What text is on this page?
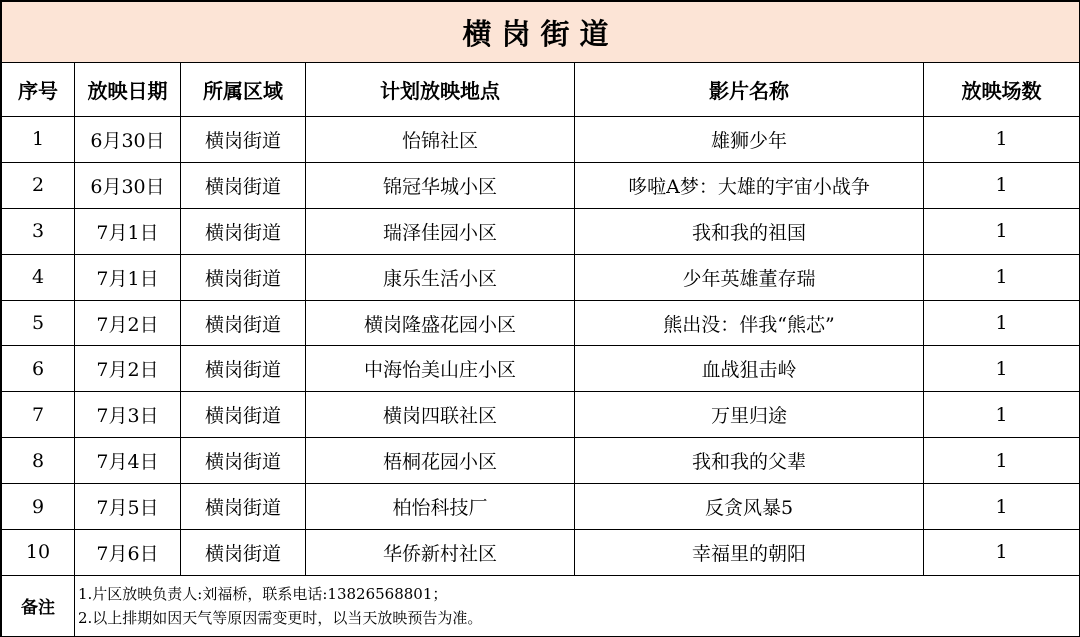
横岗街道					
序号	放映日期	所属区域	计划放映地点	影片名称	放映场数
1	6月30日	横岗街道	怡锦社区	雄狮少年	1
2	6月30日	横岗街道	锦冠华城小区	哆啦A梦：大雄的宇宙小战争	1
3	7月1日	横岗街道	瑞泽佳园小区	我和我的祖国	1
4	7月1日	横岗街道	康乐生活小区	少年英雄董存瑞	1
5	7月2日	横岗街道	横岗隆盛花园小区	熊出没：伴我“熊芯”	1
6	7月2日	横岗街道	中海怡美山庄小区	血战狙击岭	1
7	7月3日	横岗街道	横岗四联社区	万里归途	1
8	7月4日	横岗街道	梧桐花园小区	我和我的父辈	1
9	7月5日	横岗街道	柏怡科技厂	反贪风暴5	1
10	7月6日	横岗街道	华侨新村社区	幸福里的朝阳	1
备注	1.片区放映负责人:刘福桥，联系电话:13826568801；
2.以上排期如因天气等原因需变更时，以当天放映预告为准。				
